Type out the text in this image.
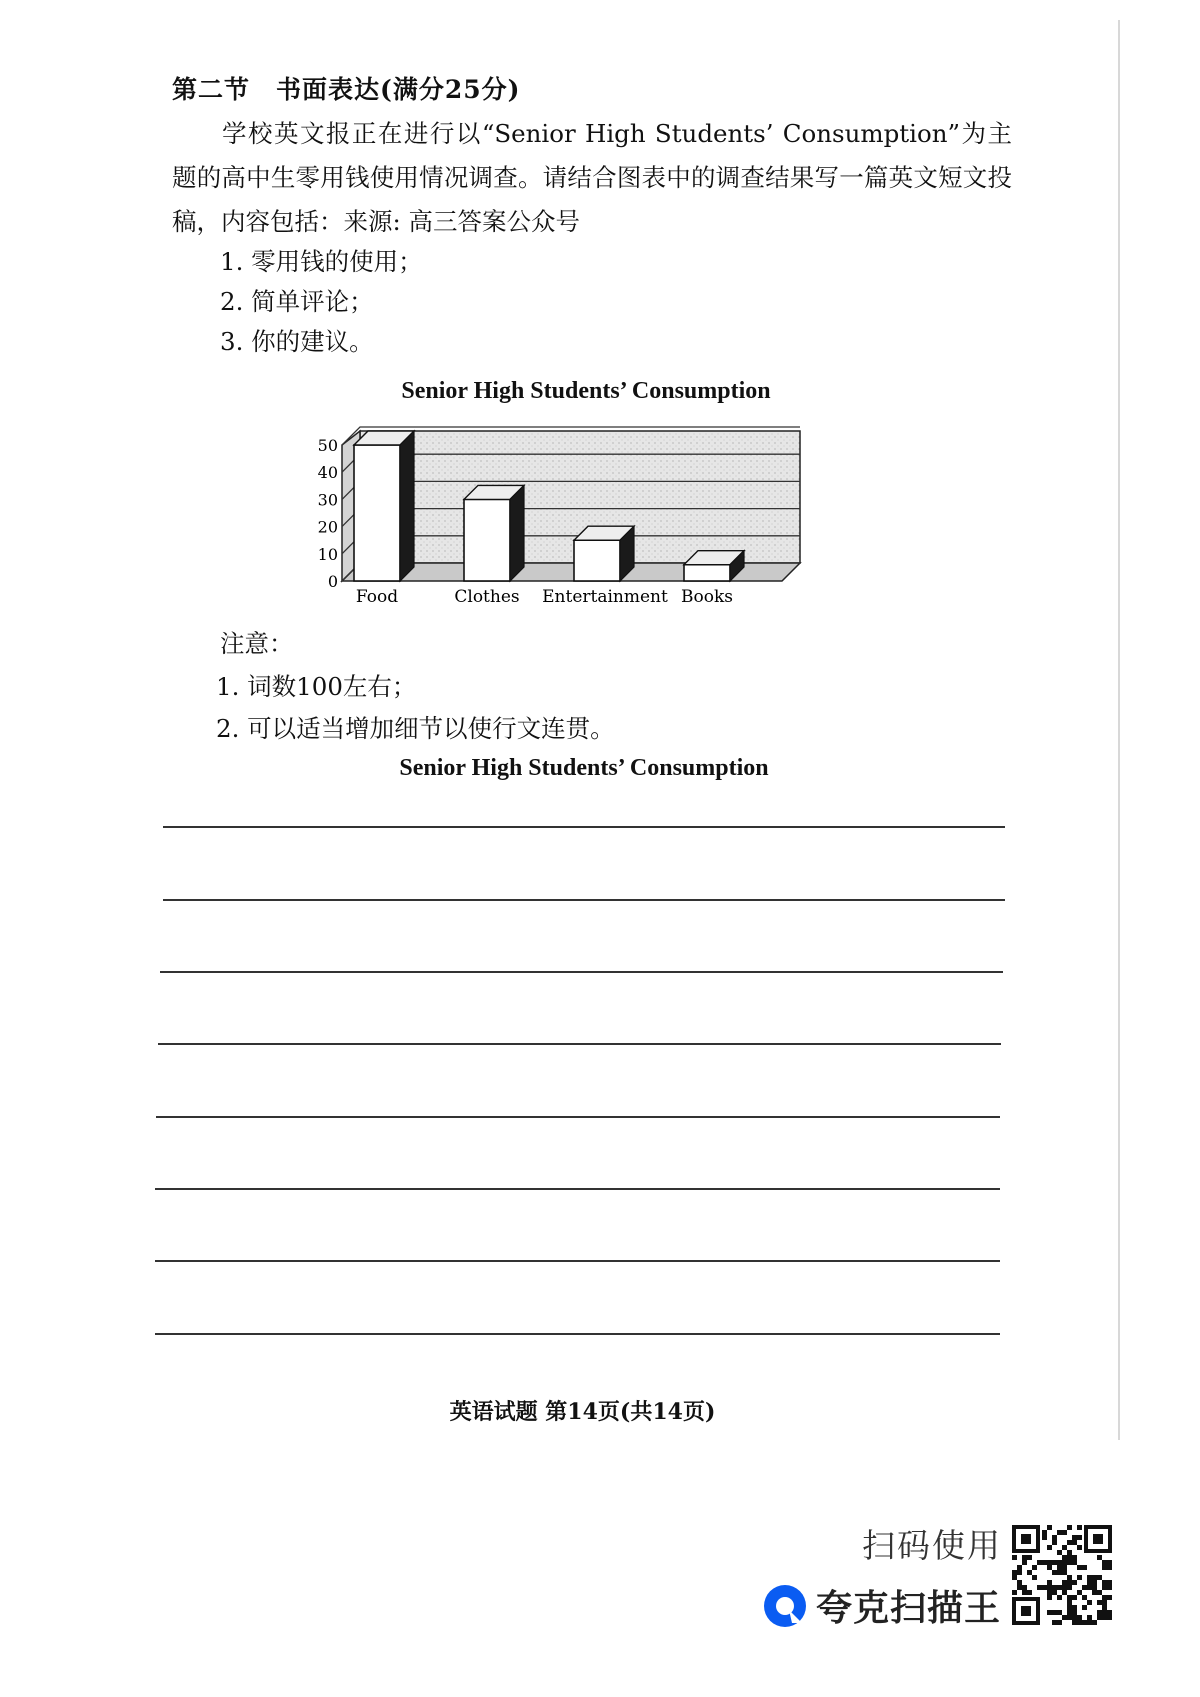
第二节 书面表达(满分25分)

学校英文报正在进行以“Senior High Students’ Consumption”为主题的高中生零用钱使用情况调查。请结合图表中的调查结果写一篇英文短文投稿，内容包括：来源: 高三答案公众号

1. 零用钱的使用；
2. 简单评论；
3. 你的建议。
Senior High Students’ Consumption
0
10
20
30
40
50
Food	Clothes Entertainment Books
注意：
1. 词数100左右；
2. 可以适当增加细节以使行文连贯。
Senior High Students’ Consumption
英语试题 第14页(共14页)
扫码使用
夸克扫描王
